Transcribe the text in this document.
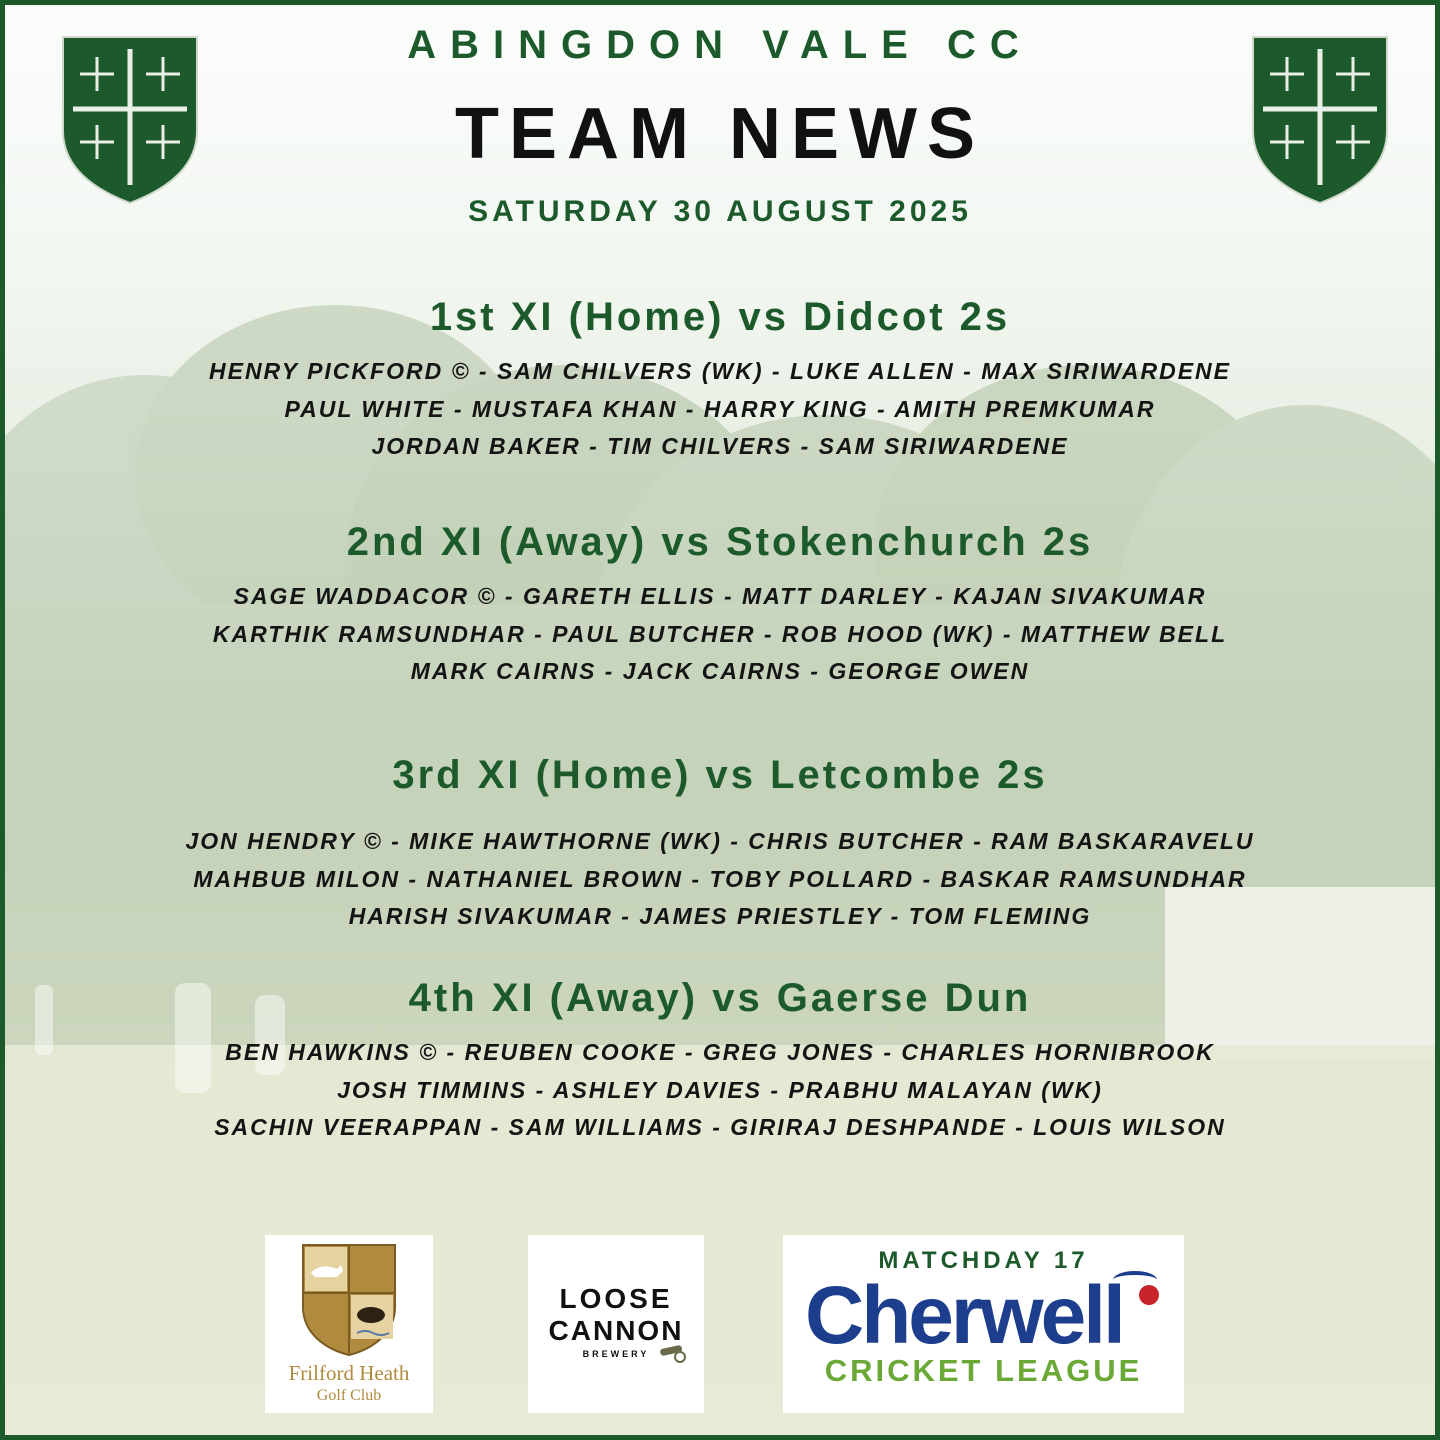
ABINGDON VALE CC
TEAM NEWS
SATURDAY 30 AUGUST 2025
1st XI (Home) vs Didcot 2s
HENRY PICKFORD © - SAM CHILVERS (WK) - LUKE ALLEN - MAX SIRIWARDENE
PAUL WHITE - MUSTAFA KHAN - HARRY KING - AMITH PREMKUMAR
JORDAN BAKER - TIM CHILVERS - SAM SIRIWARDENE
2nd XI (Away) vs Stokenchurch 2s
SAGE WADDACOR © - GARETH ELLIS - MATT DARLEY - KAJAN SIVAKUMAR
KARTHIK RAMSUNDHAR - PAUL BUTCHER - ROB HOOD (WK) - MATTHEW BELL
MARK CAIRNS - JACK CAIRNS - GEORGE OWEN
3rd XI (Home) vs Letcombe 2s
JON HENDRY © - MIKE HAWTHORNE (WK) - CHRIS BUTCHER - RAM BASKARAVELU
MAHBUB MILON - NATHANIEL BROWN - TOBY POLLARD - BASKAR RAMSUNDHAR
HARISH SIVAKUMAR - JAMES PRIESTLEY - TOM FLEMING
4th XI (Away) vs Gaerse Dun
BEN HAWKINS © - REUBEN COOKE - GREG JONES - CHARLES HORNIBROOK
JOSH TIMMINS - ASHLEY DAVIES - PRABHU MALAYAN (WK)
SACHIN VEERAPPAN - SAM WILLIAMS - GIRIRAJ DESHPANDE - LOUIS WILSON
Frilford Heath
Golf Club
LOOSE
CANNON
BREWERY
MATCHDAY 17
Cherwell
CRICKET LEAGUE
